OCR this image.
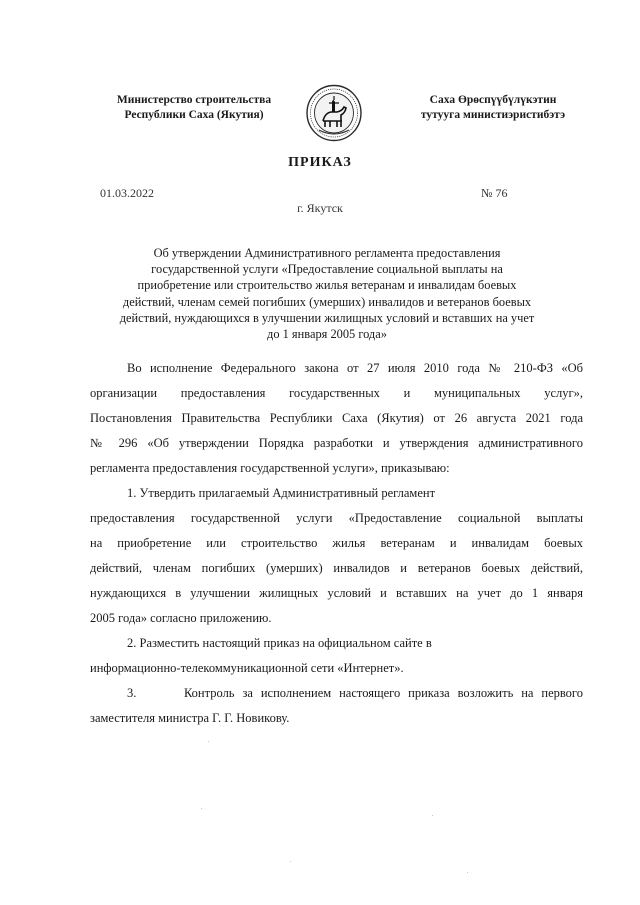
Министерство строительства
Республики Саха (Якутия)
Саха Өрөспүүбүлүкэтин
тутууга министиэристибэтэ
ПРИКАЗ
01.03.2022	№ 76
г. Якутск
Об утверждении Административного регламента предоставления
государственной услуги «Предоставление социальной выплаты на
приобретение или строительство жилья ветеранам и инвалидам боевых
действий, членам семей погибших (умерших) инвалидов и ветеранов боевых
действий, нуждающихся в улучшении жилищных условий и вставших на учет
до 1 января 2005 года»
Во исполнение Федерального закона от 27 июля 2010 года № 210-ФЗ «Об
организации предоставления государственных и муниципальных услуг»,
Постановления Правительства Республики Саха (Якутия) от 26 августа 2021 года
№ 296 «Об утверждении Порядка разработки и утверждения административного
регламента предоставления государственной услуги», приказываю:
1. Утвердить прилагаемый Административный регламент
предоставления государственной услуги «Предоставление социальной выплаты
на приобретение или строительство жилья ветеранам и инвалидам боевых
действий, членам погибших (умерших) инвалидов и ветеранов боевых действий,
нуждающихся в улучшении жилищных условий и вставших на учет до 1 января
2005 года» согласно приложению.
2. Разместить настоящий приказ на официальном сайте в
информационно-телекоммуникационной сети «Интернет».
3.      Контроль за исполнением настоящего приказа возложить на первого
заместителя министра Г. Г. Новикову.
